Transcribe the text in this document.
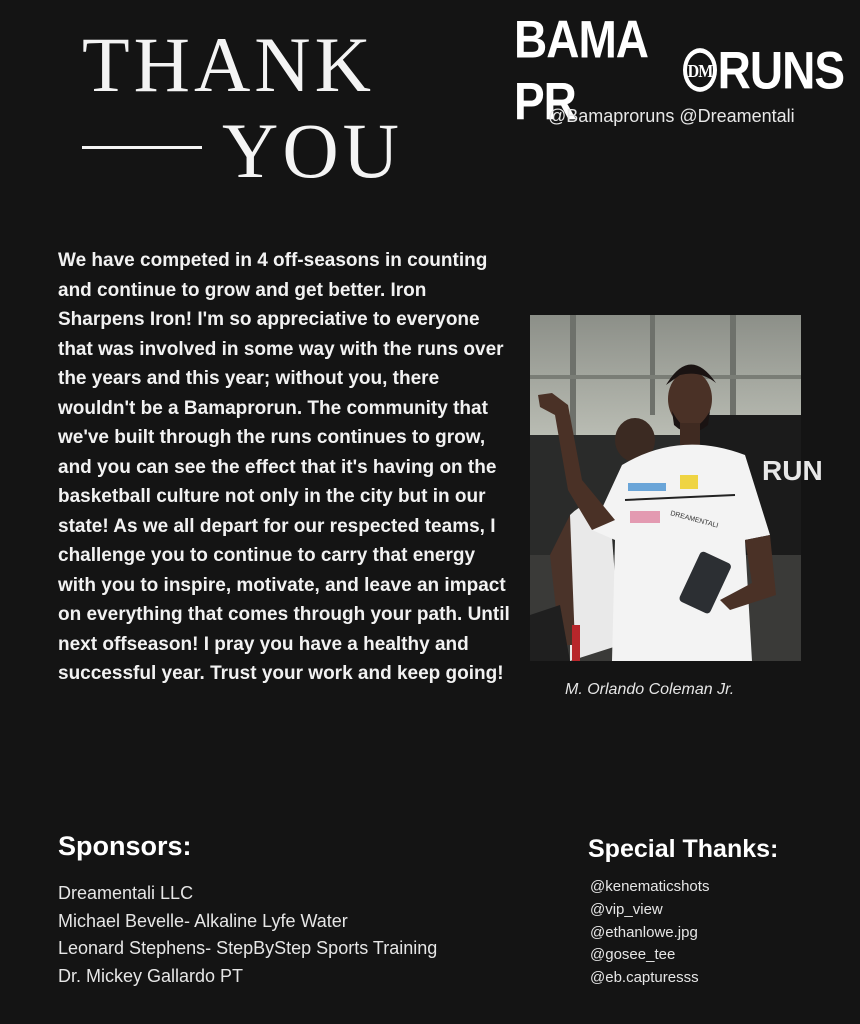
THANK
YOU
BAMA PR
DM RUNS
@Bamaproruns @Dreamentali
We have competed in 4 off-seasons in counting and continue to grow and get better. Iron Sharpens Iron! I'm so appreciative to everyone that was involved in some way with the runs over the years and this year; without you, there wouldn't be a Bamaprorun. The community that we've built through the runs continues to grow, and you can see the effect that it's having on the basketball culture not only in the city but in our state! As we all depart for our respected teams, I challenge you to continue to carry that energy with you to inspire, motivate, and leave an impact on everything that comes through your path. Until next offseason! I pray you have a healthy and successful year. Trust your work and keep going!
RUN
DREAMENTALI
M. Orlando Coleman Jr.
Sponsors:
Dreamentali LLC
Michael Bevelle- Alkaline Lyfe Water
Leonard Stephens- StepByStep Sports Training
Dr. Mickey Gallardo PT
Special Thanks:
@kenematicshots
@vip_view
@ethanlowe.jpg
@gosee_tee
@eb.capturesss
